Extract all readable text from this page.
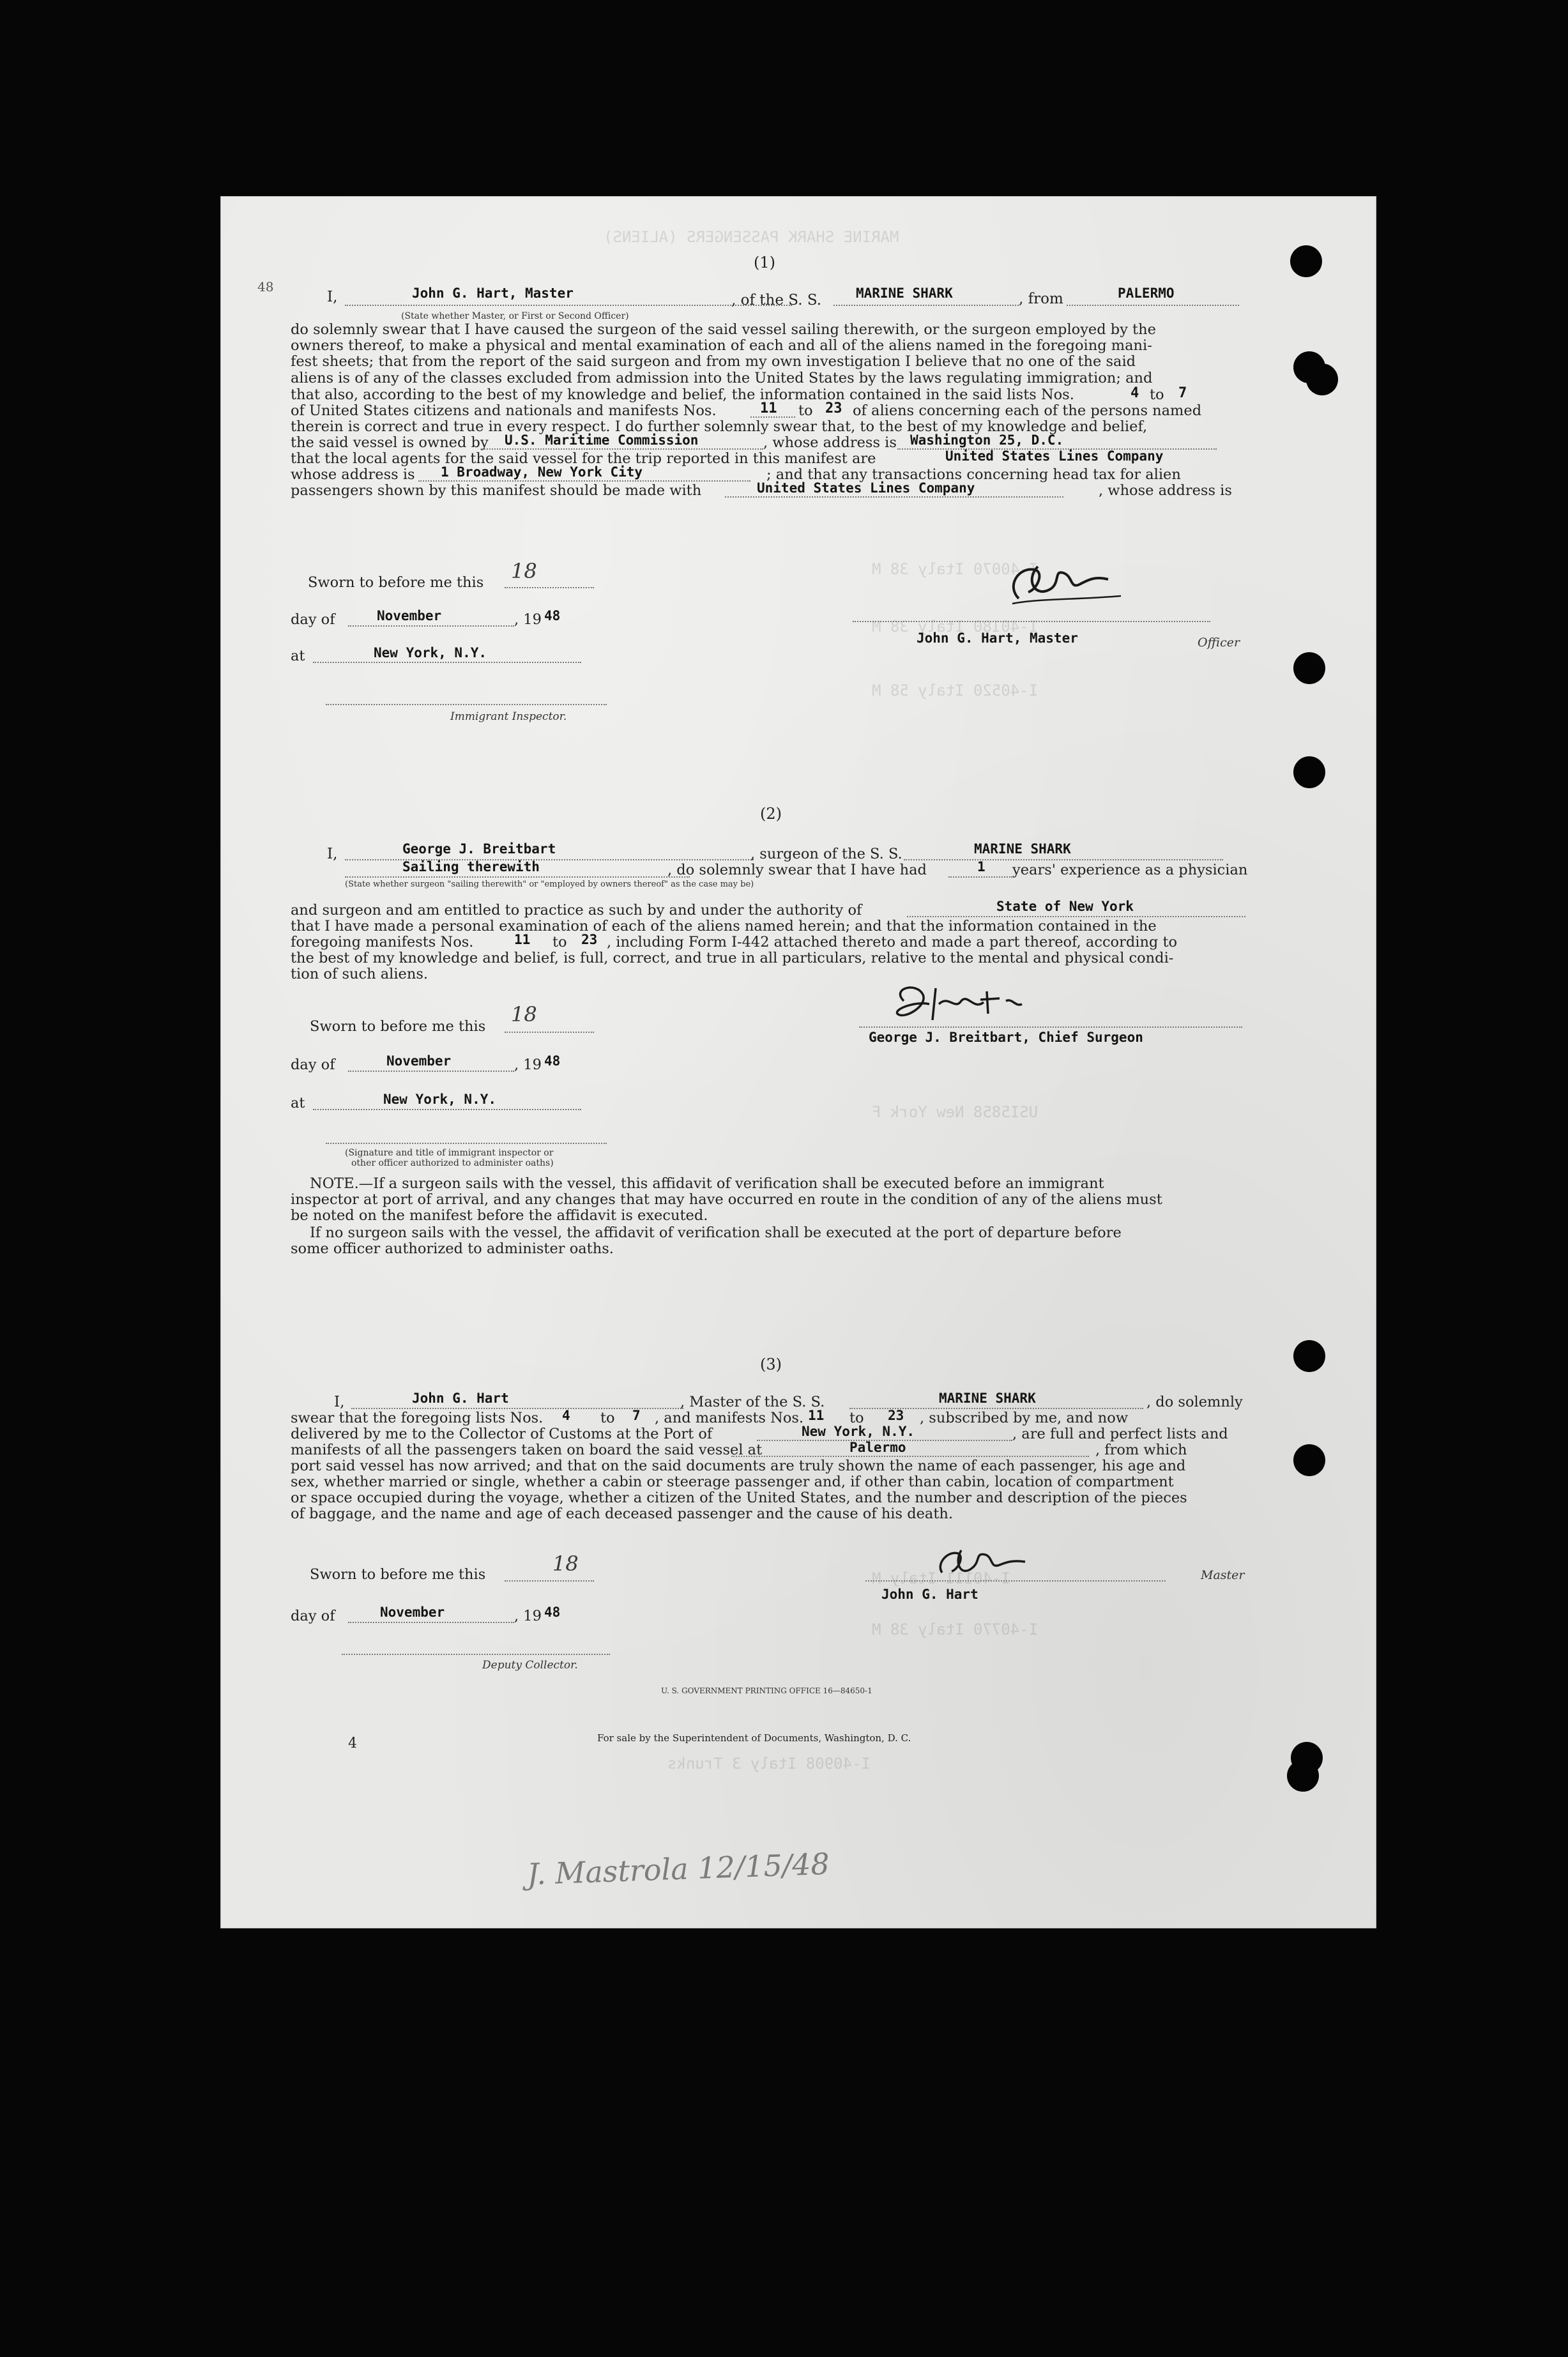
MARINE SHARK PASSENGERS (ALIENS)
I-40070 Italy 38 M
I-40180 Italy 38 M
I-40520 Italy 58 M
USI5858 New York F
I-40111 Italy M
I-40770 Italy 38 M
I-40908 Italy 3 Trunks
48
4
(1)
I,	John G. Hart, Master
(State whether Master, or First or Second Officer)
, of the S. S.	MARINE SHARK	, from	PALERMO

do solemnly swear that I have caused the surgeon of the said vessel sailing therewith, or the surgeon employed by the

owners thereof, to make a physical and mental examination of each and all of the aliens named in the foregoing mani-

fest sheets; that from the report of the said surgeon and from my own investigation I believe that no one of the said

aliens is of any of the classes excluded from admission into the United States by the laws regulating immigration; and

that also, according to the best of my knowledge and belief, the information contained in the said lists Nos.	4 to 7
of United States citizens and nationals and manifests Nos.	11 to 23 of aliens concerning each of the persons named
therein is correct and true in every respect. I do further solemnly swear that, to the best of my knowledge and belief,
the said vessel is owned by U.S. Maritime Commission	, whose address is Washington 25, D.C.
that the local agents for the said vessel for the trip reported in this manifest are	United States Lines Company
whose address is 1 Broadway, New York City	; and that any transactions concerning head tax for alien
passengers shown by this manifest should be made with	United States Lines Company	, whose address is
Sworn to before me this 18
day of	November	, 19 48
at	New York, N.Y.
Immigrant Inspector.
John G. Hart, Master	Officer
(2)
I,	George J. Breitbart	, surgeon of the S. S.	MARINE SHARK
Sailing therewith	, do solemnly swear that I have had	1 years' experience as a physician
(State whether surgeon "sailing therewith" or "employed by owners thereof" as the case may be)
and surgeon and am entitled to practice as such by and under the authority of	State of New York
that I have made a personal examination of each of the aliens named herein; and that the information contained in the
foregoing manifests Nos.	11 to 23 , including Form I-442 attached thereto and made a part thereof, according to
the best of my knowledge and belief, is full, correct, and true in all particulars, relative to the mental and physical condi-
tion of such aliens.
Sworn to before me this 18
day of	November	, 19 48
at	New York, N.Y.
(Signature and title of immigrant inspector or
other officer authorized to administer oaths)
George J. Breitbart, Chief Surgeon
NOTE.—If a surgeon sails with the vessel, this affidavit of verification shall be executed before an immigrant
inspector at port of arrival, and any changes that may have occurred en route in the condition of any of the aliens must
be noted on the manifest before the affidavit is executed.
If no surgeon sails with the vessel, the affidavit of verification shall be executed at the port of departure before
some officer authorized to administer oaths.
(3)
I,	John G. Hart	, Master of the S. S.	MARINE SHARK	, do solemnly
swear that the foregoing lists Nos. 4 to 7 , and manifests Nos. 11 to 23 , subscribed by me, and now
delivered by me to the Collector of Customs at the Port of	New York, N.Y.	, are full and perfect lists and
manifests of all the passengers taken on board the said vessel at	Palermo	, from which
port said vessel has now arrived; and that on the said documents are truly shown the name of each passenger, his age and
sex, whether married or single, whether a cabin or steerage passenger and, if other than cabin, location of compartment
or space occupied during the voyage, whether a citizen of the United States, and the number and description of the pieces
of baggage, and the name and age of each deceased passenger and the cause of his death.
Sworn to before me this	18	Master
John G. Hart
day of	November	, 19 48
Deputy Collector.
U. S. GOVERNMENT PRINTING OFFICE 16—84650-1
For sale by the Superintendent of Documents, Washington, D. C.
J. Mastrola 12/15/48
